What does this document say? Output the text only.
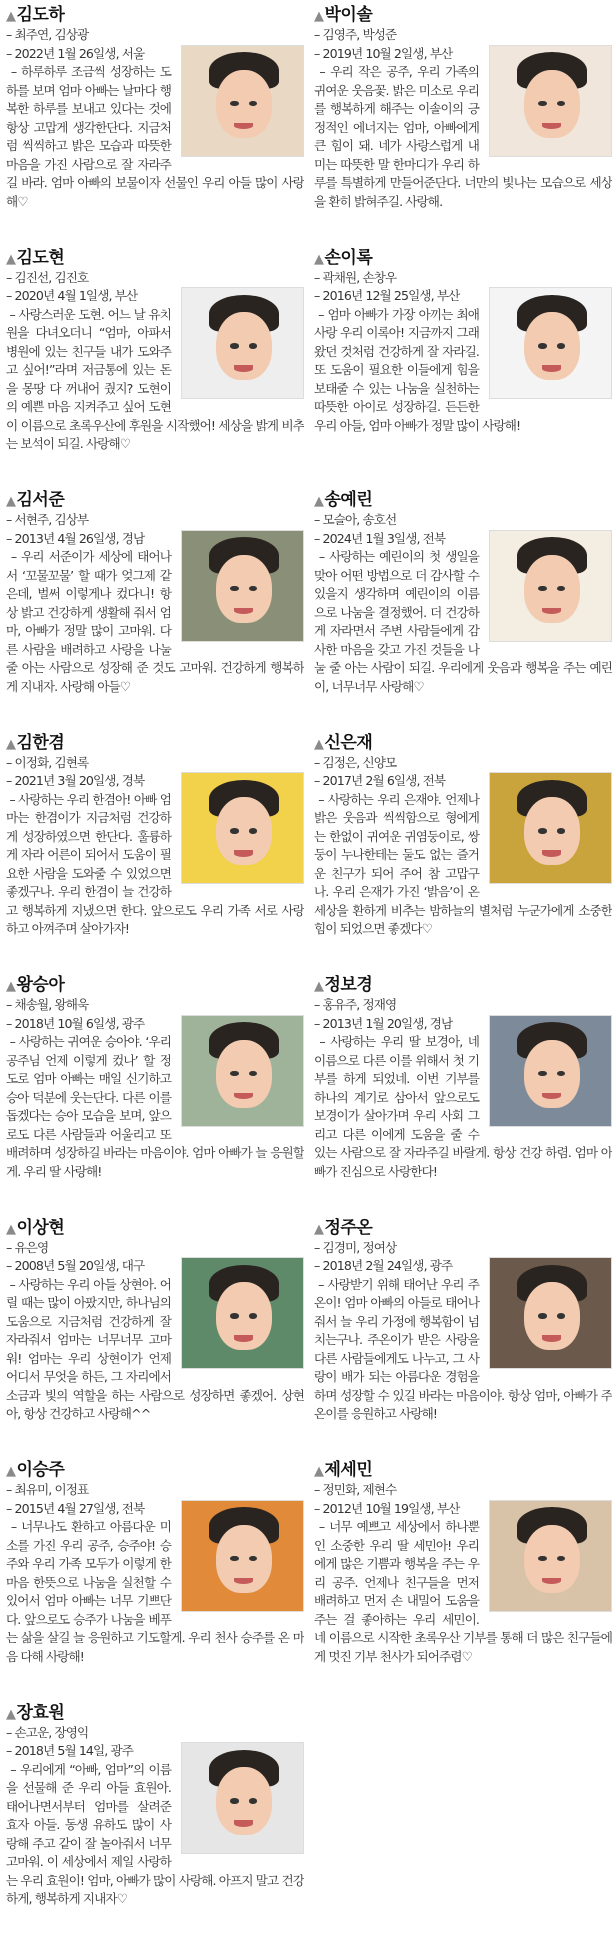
▲김도하
– 최주연, 김상광
– 2022년 1월 26일생, 서울
– 하루하루 조금씩 성장하는 도하를 보며 엄마 아빠는 날마다 행복한 하루를 보내고 있다는 것에 항상 고맙게 생각한단다. 지금처럼 씩씩하고 밝은 모습과 따뜻한 마음을 가진 사람으로 잘 자라주길 바라. 엄마 아빠의 보물이자 선물인 우리 아들 많이 사랑해♡
▲박이솔
– 김영주, 박성준
– 2019년 10월 2일생, 부산
– 우리 작은 공주, 우리 가족의 귀여운 웃음꽃. 밝은 미소로 우리를 행복하게 해주는 이솔이의 긍정적인 에너지는 엄마, 아빠에게 큰 힘이 돼. 네가 사랑스럽게 내미는 따뜻한 말 한마디가 우리 하루를 특별하게 만들어준단다. 너만의 빛나는 모습으로 세상을 환히 밝혀주길. 사랑해.
▲김도현
– 김진선, 김진호
– 2020년 4월 1일생, 부산
– 사랑스러운 도현. 어느 날 유치원을 다녀오더니 “엄마, 아파서 병원에 있는 친구들 내가 도와주고 싶어!”라며 저금통에 있는 돈을 몽땅 다 꺼내어 줬지? 도현이의 예쁜 마음 지켜주고 싶어 도현이 이름으로 초록우산에 후원을 시작했어! 세상을 밝게 비추는 보석이 되길. 사랑해♡
▲손이록
– 곽채원, 손창우
– 2016년 12월 25일생, 부산
– 엄마 아빠가 가장 아끼는 최애 사랑 우리 이록아! 지금까지 그래 왔던 것처럼 건강하게 잘 자라길. 또 도움이 필요한 이들에게 힘을 보태줄 수 있는 나눔을 실천하는 따뜻한 아이로 성장하길. 든든한 우리 아들, 엄마 아빠가 정말 많이 사랑해!
▲김서준
– 서현주, 김상부
– 2013년 4월 26일생, 경남
– 우리 서준이가 세상에 태어나서 ‘꼬물꼬물’ 할 때가 엊그제 같은데, 벌써 이렇게나 컸다니! 항상 밝고 건강하게 생활해 줘서 엄마, 아빠가 정말 많이 고마워. 다른 사람을 배려하고 사랑을 나눌 줄 아는 사람으로 성장해 준 것도 고마워. 건강하게 행복하게 지내자. 사랑해 아들♡
▲송예린
– 모슬아, 송호선
– 2024년 1월 3일생, 전북
– 사랑하는 예린이의 첫 생일을 맞아 어떤 방법으로 더 감사할 수 있을지 생각하며 예린이의 이름으로 나눔을 결정했어. 더 건강하게 자라면서 주변 사람들에게 감사한 마음을 갖고 가진 것들을 나눌 줄 아는 사람이 되길. 우리에게 웃음과 행복을 주는 예린이, 너무너무 사랑해♡
▲김한겸
– 이정화, 김현록
– 2021년 3월 20일생, 경북
– 사랑하는 우리 한겸아! 아빠 엄마는 한겸이가 지금처럼 건강하게 성장하였으면 한단다. 훌륭하게 자라 어른이 되어서 도움이 필요한 사람을 도와줄 수 있었으면 좋겠구나. 우리 한겸이 늘 건강하고 행복하게 지냈으면 한다. 앞으로도 우리 가족 서로 사랑하고 아껴주며 살아가자!
▲신은재
– 김정은, 신양모
– 2017년 2월 6일생, 전북
– 사랑하는 우리 은재야. 언제나 밝은 웃음과 씩씩함으로 형에게는 한없이 귀여운 귀염둥이로, 쌍둥이 누나한테는 둘도 없는 즐거운 친구가 되어 주어 참 고맙구나. 우리 은재가 가진 ‘밝음’이 온 세상을 환하게 비추는 밤하늘의 별처럼 누군가에게 소중한 힘이 되었으면 좋겠다♡
▲왕승아
– 채송월, 왕해욱
– 2018년 10월 6일생, 광주
– 사랑하는 귀여운 승아야. ‘우리 공주님 언제 이렇게 컸나’ 할 정도로 엄마 아빠는 매일 신기하고 승아 덕분에 웃는단다. 다른 이를 돕겠다는 승아 모습을 보며, 앞으로도 다른 사람들과 어울리고 또 배려하며 성장하길 바라는 마음이야. 엄마 아빠가 늘 응원할게. 우리 딸 사랑해!
▲정보경
– 홍유주, 정재영
– 2013년 1월 20일생, 경남
– 사랑하는 우리 딸 보경아, 네 이름으로 다른 이를 위해서 첫 기부를 하게 되었네. 이번 기부를 하나의 계기로 삼아서 앞으로도 보경이가 살아가며 우리 사회 그리고 다른 이에게 도움을 줄 수 있는 사람으로 잘 자라주길 바랄게. 항상 건강 하렴. 엄마 아빠가 진심으로 사랑한다!
▲이상현
– 유은영
– 2008년 5월 20일생, 대구
– 사랑하는 우리 아들 상현아. 어릴 때는 많이 아팠지만, 하나님의 도움으로 지금처럼 건강하게 잘 자라줘서 엄마는 너무너무 고마워! 엄마는 우리 상현이가 언제 어디서 무엇을 하든, 그 자리에서 소금과 빛의 역할을 하는 사람으로 성장하면 좋겠어. 상현아, 항상 건강하고 사랑해^^
▲정주온
– 김경미, 정여상
– 2018년 2월 24일생, 광주
– 사랑받기 위해 태어난 우리 주온이! 엄마 아빠의 아들로 태어나 줘서 늘 우리 가정에 행복함이 넘치는구나. 주온이가 받은 사랑을 다른 사람들에게도 나누고, 그 사랑이 배가 되는 아름다운 경험을 하며 성장할 수 있길 바라는 마음이야. 항상 엄마, 아빠가 주온이를 응원하고 사랑해!
▲이승주
– 최유미, 이정표
– 2015년 4월 27일생, 전북
– 너무나도 환하고 아름다운 미소를 가진 우리 공주, 승주야! 승주와 우리 가족 모두가 이렇게 한마음 한뜻으로 나눔을 실천할 수 있어서 엄마 아빠는 너무 기쁘단다. 앞으로도 승주가 나눔을 베푸는 삶을 살길 늘 응원하고 기도할게. 우리 천사 승주를 온 마음 다해 사랑해!
▲제세민
– 정민화, 제현수
– 2012년 10월 19일생, 부산
– 너무 예쁘고 세상에서 하나뿐인 소중한 우리 딸 세민아! 우리에게 많은 기쁨과 행복을 주는 우리 공주. 언제나 친구들을 먼저 배려하고 먼저 손 내밀어 도움을 주는 걸 좋아하는 우리 세민이. 네 이름으로 시작한 초록우산 기부를 통해 더 많은 친구들에게 멋진 기부 천사가 되어주렴♡
▲장효원
– 손고운, 장영익
– 2018년 5월 14일, 광주
– 우리에게 “아빠, 엄마”의 이름을 선물해 준 우리 아들 효원아. 태어나면서부터 엄마를 살려준 효자 아들. 동생 유하도 많이 사랑해 주고 같이 잘 놀아줘서 너무 고마워. 이 세상에서 제일 사랑하는 우리 효원이! 엄마, 아빠가 많이 사랑해. 아프지 말고 건강하게, 행복하게 지내자♡
